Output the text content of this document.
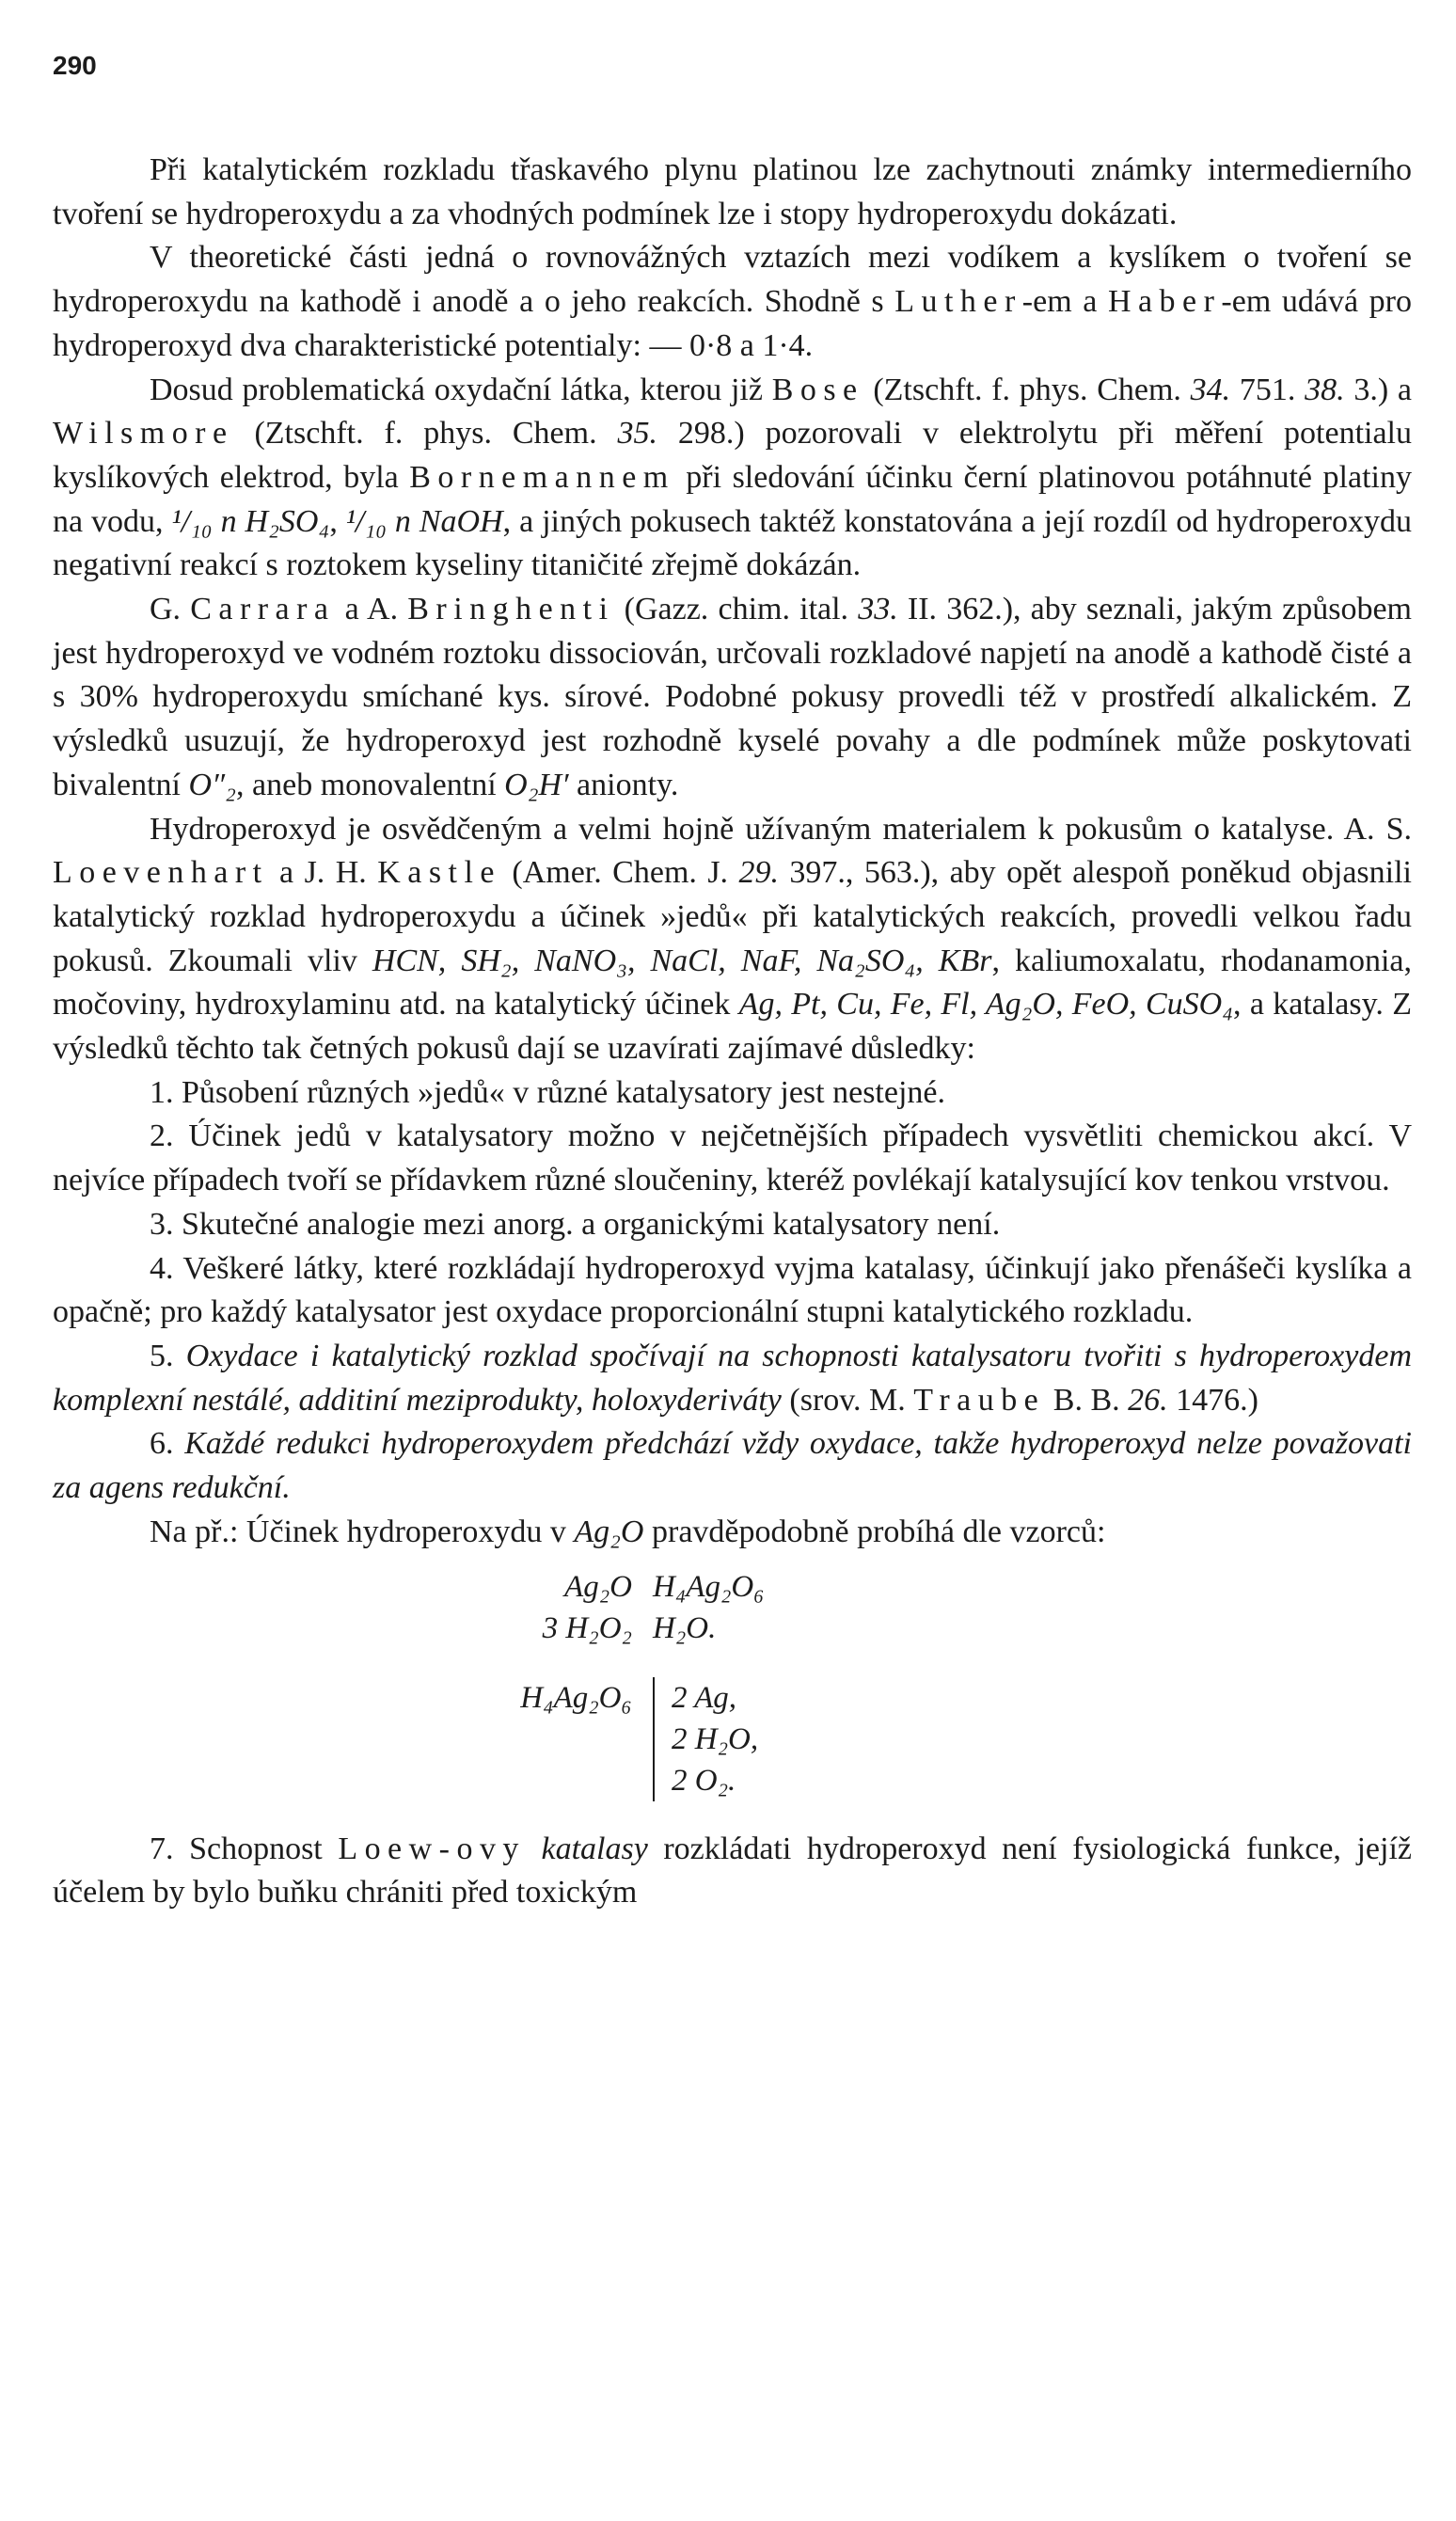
290

Při katalytickém rozkladu třaskavého plynu platinou lze zachytnouti známky intermedierního tvoření se hydroperoxydu a za vhodných podmínek lze i stopy hydroperoxydu dokázati.

V theoretické části jedná o rovnovážných vztazích mezi vodíkem a kyslíkem o tvoření se hydroperoxydu na kathodě i anodě a o jeho reakcích. Shodně s Luther-em a Haber-em udává pro hydroperoxyd dva charakteristické potentialy: — 0·8 a 1·4.

Dosud problematická oxydační látka, kterou již Bose (Ztschft. f. phys. Chem. 34. 751. 38. 3.) a Wilsmore (Ztschft. f. phys. Chem. 35. 298.) pozorovali v elektrolytu při měření potentialu kyslíkových elektrod, byla Bornemannem při sledování účinku černí platinovou potáhnuté platiny na vodu, ¹/₁₀ n H₂SO₄, ¹/₁₀ n NaOH, a jiných pokusech taktéž konstatována a její rozdíl od hydroperoxydu negativní reakcí s roztokem kyseliny titaničité zřejmě dokázán.

G. Carrara a A. Bringhenti (Gazz. chim. ital. 33. II. 362.), aby seznali, jakým způsobem jest hydroperoxyd ve vodném roztoku dissociován, určovali rozkladové napjetí na anodě a kathodě čisté a s 30% hydroperoxydu smíchané kys. sírové. Podobné pokusy provedli též v prostředí alkalickém. Z výsledků usuzují, že hydroperoxyd jest rozhodně kyselé povahy a dle podmínek může poskytovati bivalentní O″₂, aneb monovalentní O₂H′ anionty.

Hydroperoxyd je osvědčeným a velmi hojně užívaným materialem k pokusům o katalyse. A. S. Loevenhart a J. H. Kastle (Amer. Chem. J. 29. 397., 563.), aby opět alespoň poněkud objasnili katalytický rozklad hydroperoxydu a účinek »jedů« při katalytických reakcích, provedli velkou řadu pokusů. Zkoumali vliv HCN, SH₂, NaNO₃, NaCl, NaF, Na₂SO₄, KBr, kaliumoxalatu, rhodanamonia, močoviny, hydroxylaminu atd. na katalytický účinek Ag, Pt, Cu, Fe, Fl, Ag₂O, FeO, CuSO₄, a katalasy. Z výsledků těchto tak četných pokusů dají se uzavírati zajímavé důsledky:

1. Působení různých »jedů« v různé katalysatory jest nestejné.

2. Účinek jedů v katalysatory možno v nejčetnějších případech vysvětliti chemickou akcí. V nejvíce případech tvoří se přídavkem různé sloučeniny, kteréž povlékají katalysující kov tenkou vrstvou.

3. Skutečné analogie mezi anorg. a organickými katalysatory není.

4. Veškeré látky, které rozkládají hydroperoxyd vyjma katalasy, účinkují jako přenášeči kyslíka a opačně; pro každý katalysator jest oxydace proporcionální stupni katalytického rozkladu.

5. Oxydace i katalytický rozklad spočívají na schopnosti katalysatoru tvořiti s hydroperoxydem komplexní nestálé, additiní meziprodukty, holoxyderiváty (srov. M. Traube B. B. 26. 1476.)

6. Každé redukci hydroperoxydem předchází vždy oxydace, takže hydroperoxyd nelze považovati za agens redukční.

Na př.: Účinek hydroperoxydu v Ag₂O pravděpodobně probíhá dle vzorců:

Ag₂O H₄Ag₂O₆
3 H₂O₂ H₂O.
H₄Ag₂O₆	2 Ag,
2 H₂O,
2 O₂.

7. Schopnost Loew-ovy katalasy rozkládati hydroperoxyd není fysiologická funkce, jejíž účelem by bylo buňku chrániti před toxickým
